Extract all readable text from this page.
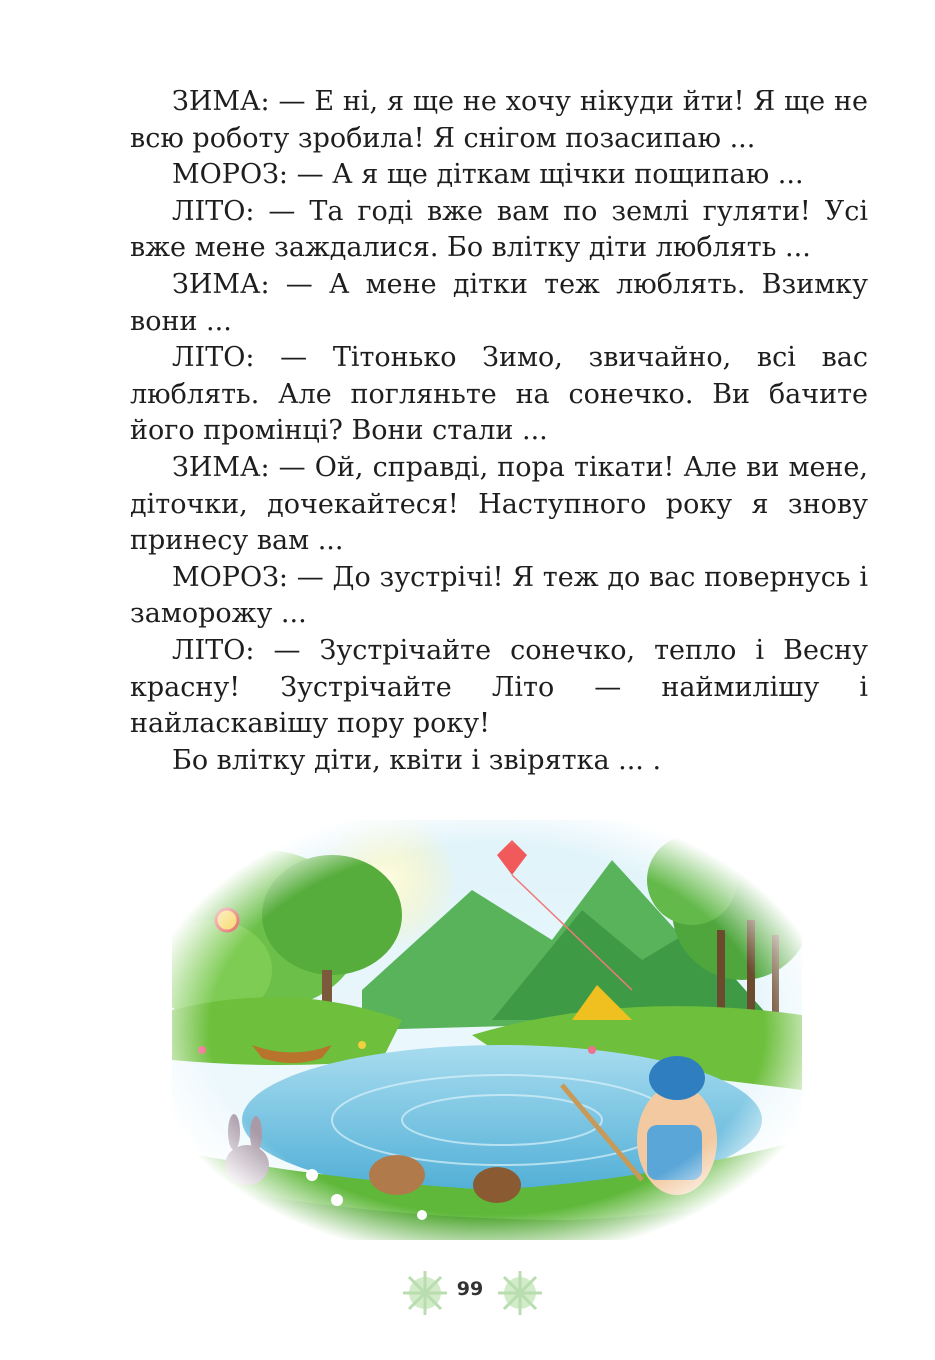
ЗИМА: — Е ні, я ще не хочу нікуди йти! Я ще не всю роботу зробила! Я снігом позасипаю ...

МОРОЗ: — А я ще діткам щічки пощипаю ...

ЛІТО: — Та годі вже вам по землі гуляти! Усі вже мене заждалися. Бо влітку діти люблять ...

ЗИМА: — А мене дітки теж люблять. Взимку вони ...

ЛІТО: — Тітонько Зимо, звичайно, всі вас люблять. Але погляньте на сонечко. Ви бачите його промінці? Вони стали ...

ЗИМА: — Ой, справді, пора тікати! Але ви мене, діточки, дочекайтеся! Наступного року я знову принесу вам ...

МОРОЗ: — До зустрічі! Я теж до вас повернусь і заморожу ...

ЛІТО: — Зустрічайте сонечко, тепло і Весну красну! Зустрічайте Літо — наймилішу і найласкавішу пору року!

Бо влітку діти, квіти і звірятка ... .

99
